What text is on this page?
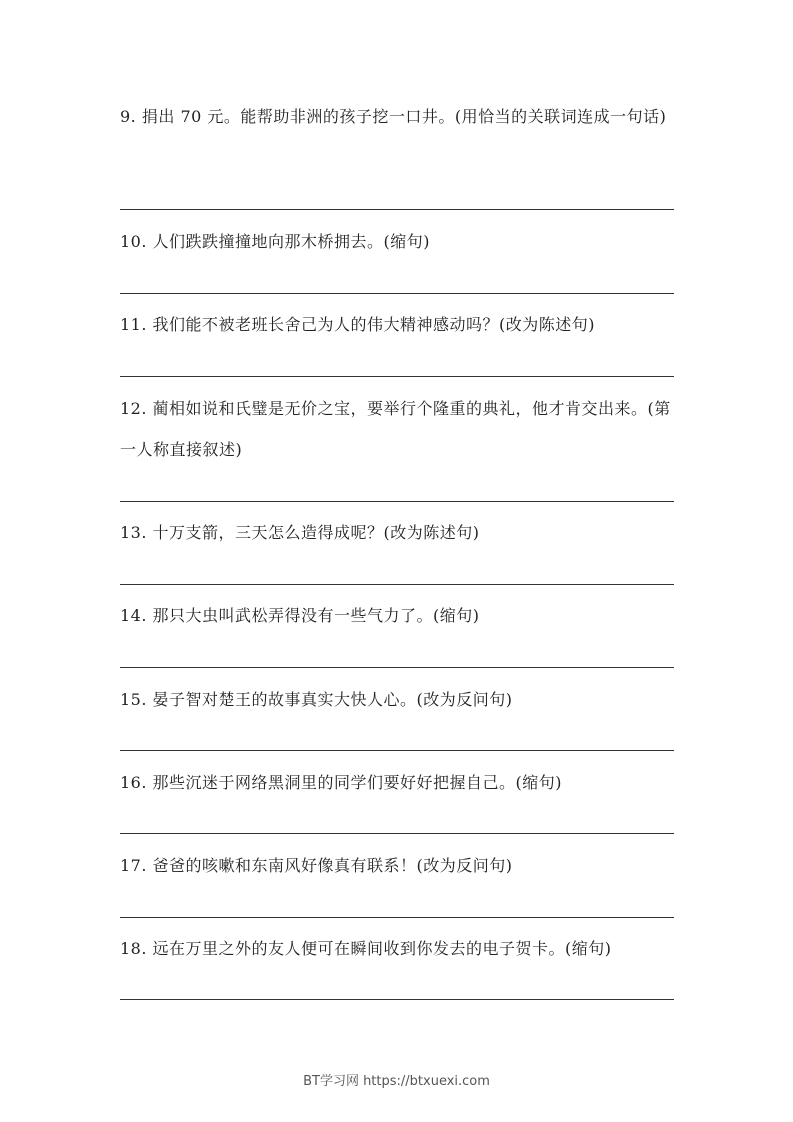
9. 捐出 70 元。能帮助非洲的孩子挖一口井。(用恰当的关联词连成一句话)
10. 人们跌跌撞撞地向那木桥拥去。(缩句)
11. 我们能不被老班长舍己为人的伟大精神感动吗？(改为陈述句)
12. 蔺相如说和氏璧是无价之宝，要举行个隆重的典礼，他才肯交出来。(第一人称直接叙述)
13. 十万支箭，三天怎么造得成呢？(改为陈述句)
14. 那只大虫叫武松弄得没有一些气力了。(缩句)
15. 晏子智对楚王的故事真实大快人心。(改为反问句)
16. 那些沉迷于网络黑洞里的同学们要好好把握自己。(缩句)
17. 爸爸的咳嗽和东南风好像真有联系！(改为反问句)
18. 远在万里之外的友人便可在瞬间收到你发去的电子贺卡。(缩句)
BT学习网 https://btxuexi.com
